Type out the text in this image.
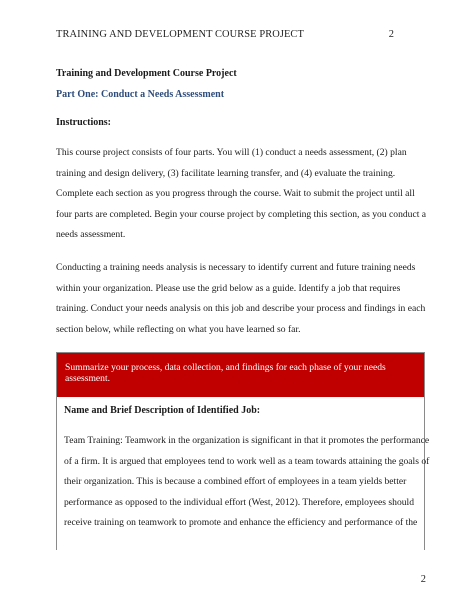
TRAINING AND DEVELOPMENT COURSE PROJECT	2
Training and Development Course Project
Part One: Conduct a Needs Assessment
Instructions:

This course project consists of four parts. You will (1) conduct a needs assessment, (2) plan
training and design delivery, (3) facilitate learning transfer, and (4) evaluate the training.
Complete each section as you progress through the course. Wait to submit the project until all
four parts are completed. Begin your course project by completing this section, as you conduct a
needs assessment.

Conducting a training needs analysis is necessary to identify current and future training needs
within your organization. Please use the grid below as a guide. Identify a job that requires
training. Conduct your needs analysis on this job and describe your process and findings in each
section below, while reflecting on what you have learned so far.

Summarize your process, data collection, and findings for each phase of your needs assessment.
Name and Brief Description of Identified Job:
Team Training: Teamwork in the organization is significant in that it promotes the performance
of a firm. It is argued that employees tend to work well as a team towards attaining the goals of
their organization. This is because a combined effort of employees in a team yields better
performance as opposed to the individual effort (West, 2012). Therefore, employees should
receive training on teamwork to promote and enhance the efficiency and performance of the
2
